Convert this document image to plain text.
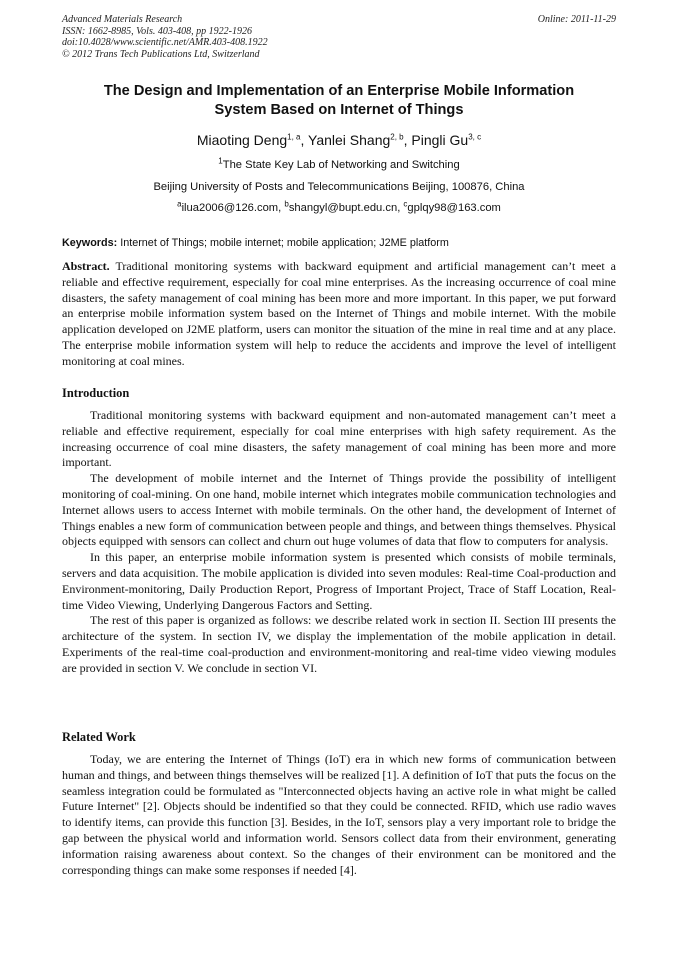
Advanced Materials Research
ISSN: 1662-8985, Vols. 403-408, pp 1922-1926
doi:10.4028/www.scientific.net/AMR.403-408.1922
© 2012 Trans Tech Publications Ltd, Switzerland
Online: 2011-11-29
The Design and Implementation of an Enterprise Mobile Information
System Based on Internet of Things
Miaoting Deng$^{1, a}$, Yanlei Shang$^{2, b}$, Pingli Gu$^{3, c}$
$^1$The State Key Lab of Networking and Switching
Beijing University of Posts and Telecommunications Beijing, 100876, China
$^a$ilua2006@126.com, $^b$shangyl@bupt.edu.cn, $^c$gplqy98@163.com
Keywords: Internet of Things; mobile internet; mobile application; J2ME platform
Abstract. Traditional monitoring systems with backward equipment and artificial management can’t meet a reliable and effective requirement, especially for coal mine enterprises. As the increasing occurrence of coal mine disasters, the safety management of coal mining has been more and more important. In this paper, we put forward an enterprise mobile information system based on the Internet of Things and mobile internet. With the mobile application developed on J2ME platform, users can monitor the situation of the mine in real time and at any place. The enterprise mobile information system will help to reduce the accidents and improve the level of intelligent monitoring at coal mines.
Introduction

Traditional monitoring systems with backward equipment and non-automated management can’t meet a reliable and effective requirement, especially for coal mine enterprises with high safety requirement. As the increasing occurrence of coal mine disasters, the safety management of coal mining has been more and more important.

The development of mobile internet and the Internet of Things provide the possibility of intelligent monitoring of coal-mining. On one hand, mobile internet which integrates mobile communication technologies and Internet allows users to access Internet with mobile terminals. On the other hand, the development of Internet of Things enables a new form of communication between people and things, and between things themselves. Physical objects equipped with sensors can collect and churn out huge volumes of data that flow to computers for analysis.

In this paper, an enterprise mobile information system is presented which consists of mobile terminals, servers and data acquisition. The mobile application is divided into seven modules: Real-time Coal-production and Environment-monitoring, Daily Production Report, Progress of Important Project, Trace of Staff Location, Real-time Video Viewing, Underlying Dangerous Factors and Setting.

The rest of this paper is organized as follows: we describe related work in section II. Section III presents the architecture of the system. In section IV, we display the implementation of the mobile application in detail. Experiments of the real-time coal-production and environment-monitoring and real-time video viewing modules are provided in section V. We conclude in section VI.

Related Work

Today, we are entering the Internet of Things (IoT) era in which new forms of communication between human and things, and between things themselves will be realized [1]. A definition of IoT that puts the focus on the seamless integration could be formulated as "Interconnected objects having an active role in what might be called Future Internet" [2]. Objects should be indentified so that they could be connected. RFID, which use radio waves to identify items, can provide this function [3]. Besides, in the IoT, sensors play a very important role to bridge the gap between the physical world and information world. Sensors collect data from their environment, generating information raising awareness about context. So the changes of their environment can be monitored and the corresponding things can make some responses if needed [4].
